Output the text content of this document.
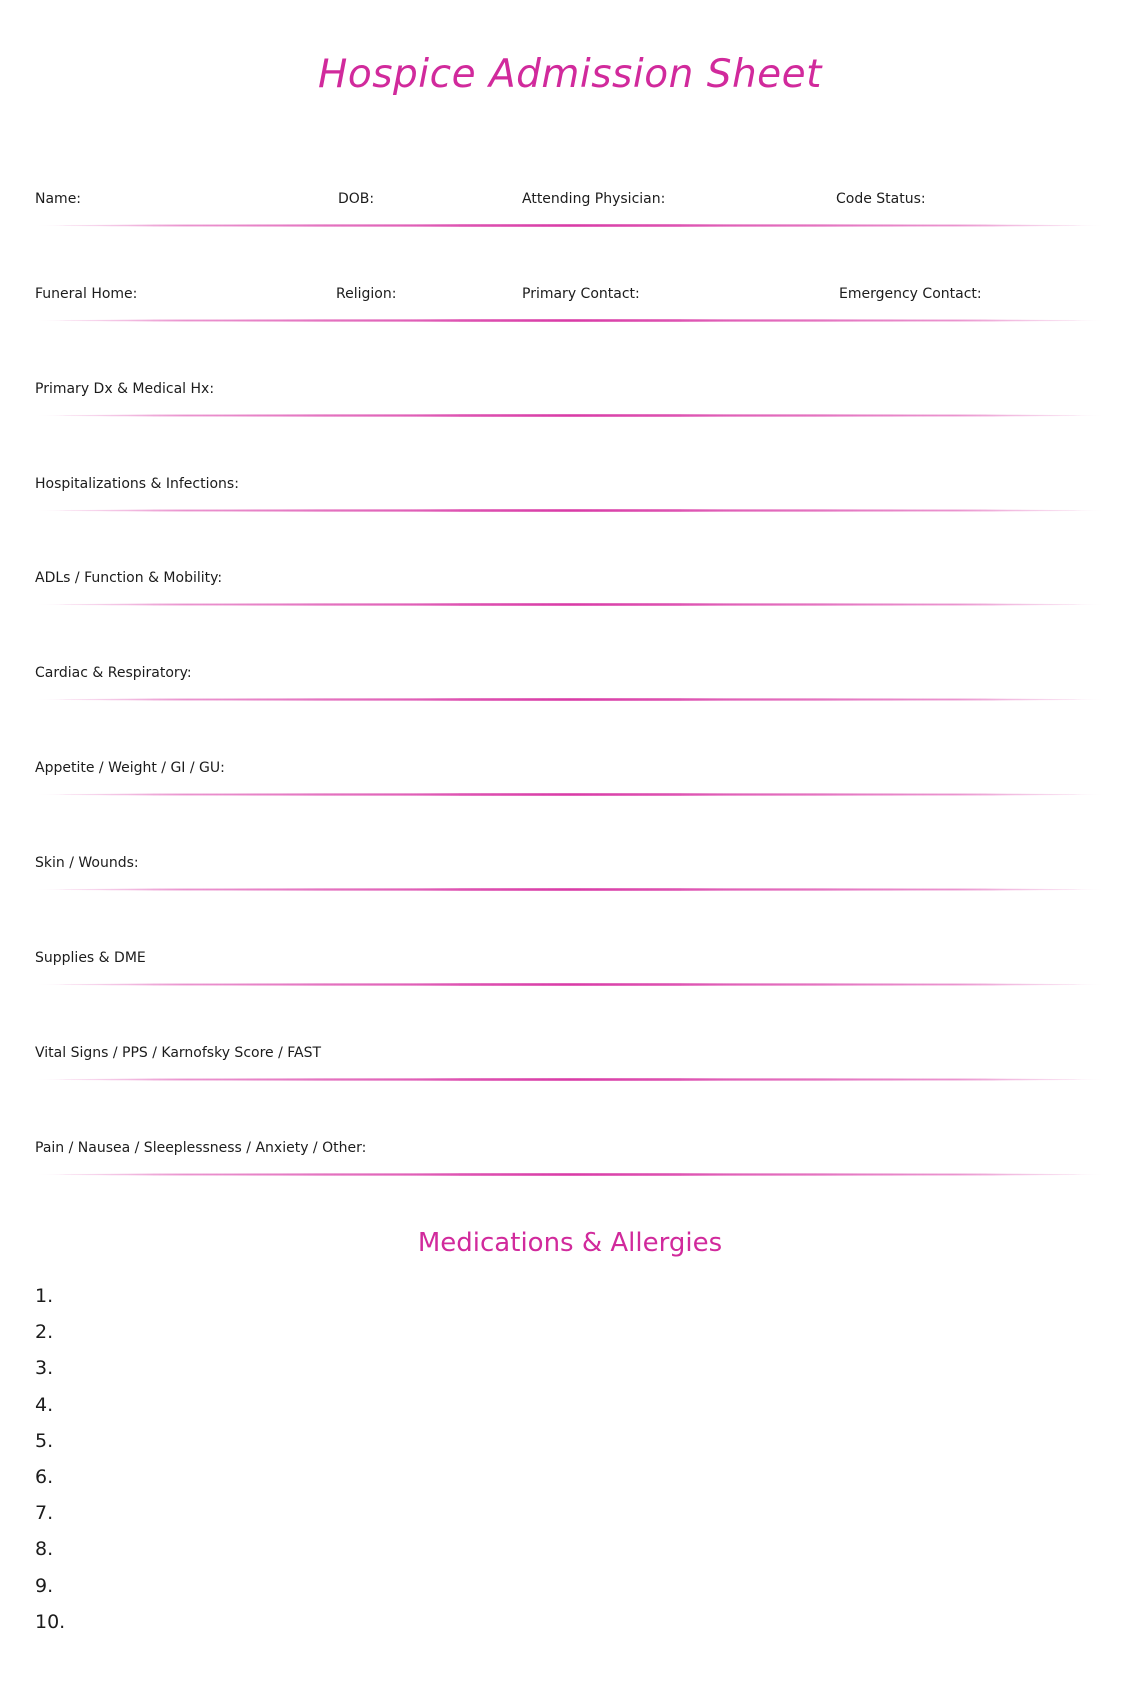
Hospice Admission Sheet
Name:	DOB:	Attending Physician:	Code Status:
Funeral Home:	Religion:	Primary Contact:	Emergency Contact:
Primary Dx & Medical Hx:
Hospitalizations & Infections:
ADLs / Function & Mobility:
Cardiac & Respiratory:
Appetite / Weight / GI / GU:
Skin / Wounds:
Supplies & DME
Vital Signs / PPS / Karnofsky Score / FAST
Pain / Nausea / Sleeplessness / Anxiety / Other:
Medications & Allergies
1.
2.
3.
4.
5.
6.
7.
8.
9.
10.
